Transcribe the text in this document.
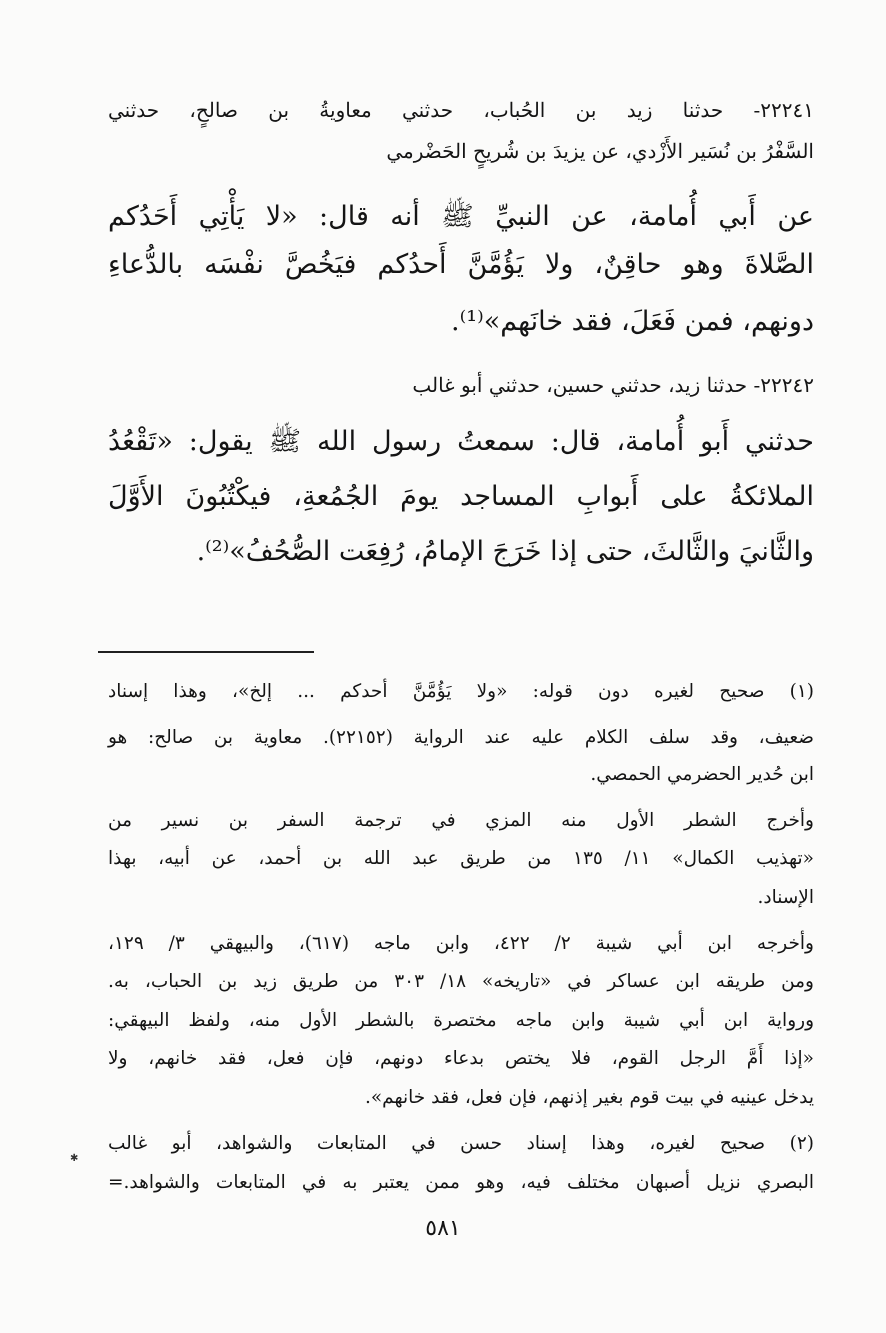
٢٢٢٤١- حدثنا زيد بن الحُباب، حدثني معاويةُ بن صالحٍ، حدثني
السَّفْرُ بن نُسَير الأَزْدي، عن يزيدَ بن شُريحٍ الحَضْرمي
عن أَبي أُمامة، عن النبيِّ ﷺ أنه قال: «لا يَأْتِي أَحَدُكم
الصَّلاةَ وهو حاقِنٌ، ولا يَؤُمَّنَّ أَحدُكم فيَخُصَّ نفْسَه بالدُّعاءِ
دونهم، فمن فَعَلَ، فقد خانَهم»⁽¹⁾.
٢٢٢٤٢- حدثنا زيد، حدثني حسين، حدثني أبو غالب
حدثني أَبو أُمامة، قال: سمعتُ رسول الله ﷺ يقول: «تَقْعُدُ
الملائكةُ على أَبوابِ المساجد يومَ الجُمُعةِ، فيكْتُبُونَ الأَوَّلَ
والثَّانيَ والثَّالثَ، حتى إذا خَرَجَ الإمامُ، رُفِعَت الصُّحُفُ»⁽²⁾.
(١) صحيح لغيره دون قوله: «ولا يَؤُمَّنَّ أحدكم ... إلخ»، وهذا إسناد
ضعيف، وقد سلف الكلام عليه عند الرواية (٢٢١٥٢). معاوية بن صالح: هو
ابن حُدير الحضرمي الحمصي.
وأخرج الشطر الأول منه المزي في ترجمة السفر بن نسير من
«تهذيب الكمال» ١١/ ١٣٥ من طريق عبد الله بن أحمد، عن أبيه، بهذا
الإسناد.
وأخرجه ابن أبي شيبة ٢/ ٤٢٢، وابن ماجه (٦١٧)، والبيهقي ٣/ ١٢٩،
ومن طريقه ابن عساكر في «تاريخه» ١٨/ ٣٠٣ من طريق زيد بن الحباب، به.
ورواية ابن أبي شيبة وابن ماجه مختصرة بالشطر الأول منه، ولفظ البيهقي:
«إذا أَمَّ الرجل القوم، فلا يختص بدعاء دونهم، فإن فعل، فقد خانهم، ولا
يدخل عينيه في بيت قوم بغير إذنهم، فإن فعل، فقد خانهم».
(٢) صحيح لغيره، وهذا إسناد حسن في المتابعات والشواهد، أبو غالب
البصري نزيل أصبهان مختلف فيه، وهو ممن يعتبر به في المتابعات والشواهد.=
✱
٥٨١
